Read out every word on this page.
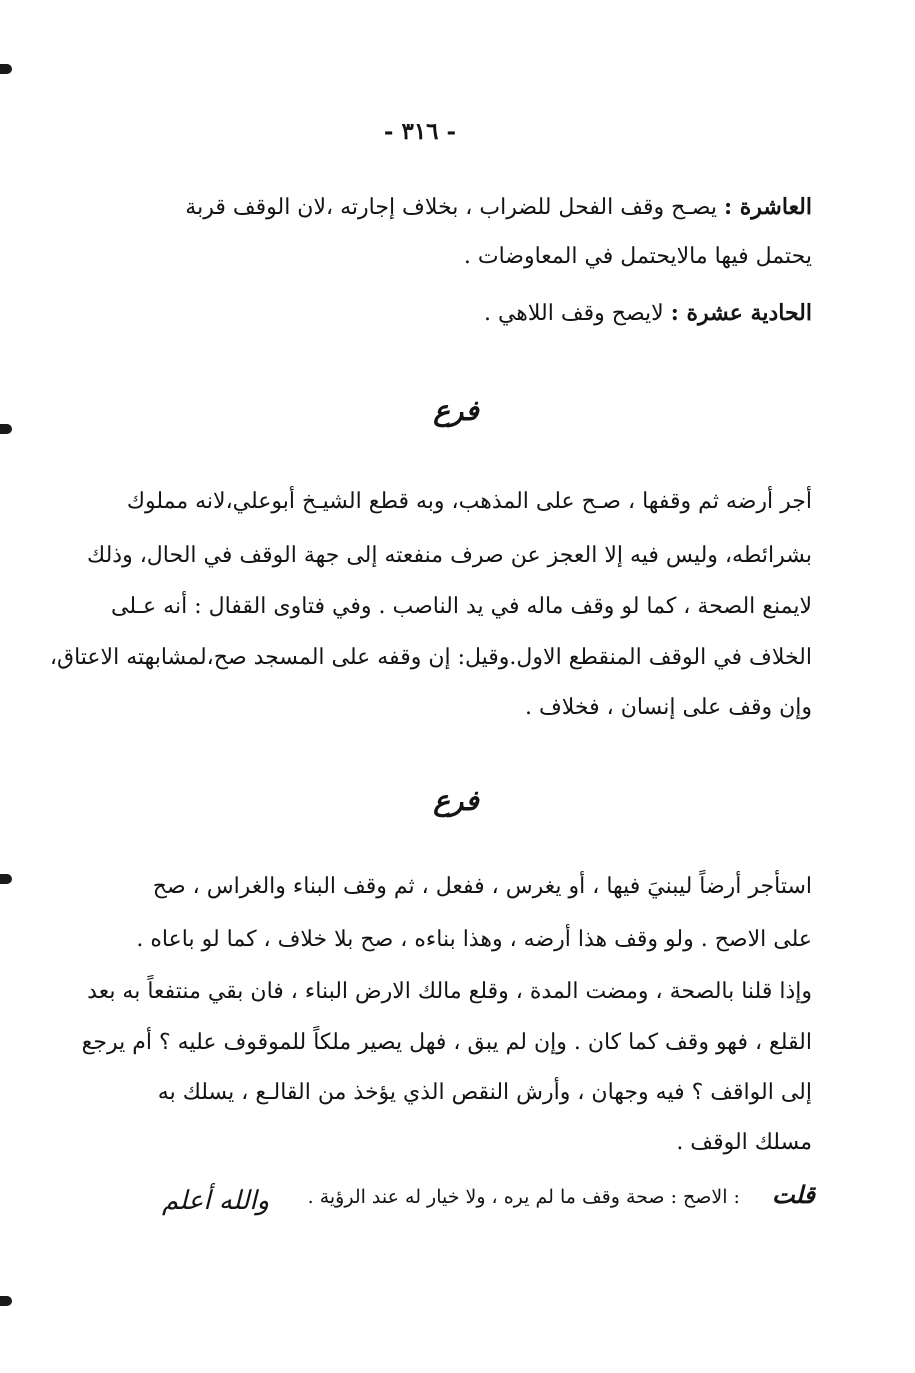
- ٣١٦ -
العاشرة : يصـح وقف الفحل للضراب ، بخلاف إجارته ،لان الوقف قربة
يحتمل فيها مالايحتمل في المعاوضات .
الحادية عشرة : لايصح وقف اللاهي .
فرع
أجر أرضه ثم وقفها ، صـح على المذهب، وبه قطع الشيـخ أبوعلي،لانه مملوك
بشرائطه، وليس فيه إلا العجز عن صرف منفعته إلى جهة الوقف في الحال، وذلك
لايمنع الصحة ، كما لو وقف ماله في يد الناصب . وفي فتاوى القفال : أنه عـلى
الخلاف في الوقف المنقطع الاول.وقيل: إن وقفه على المسجد صح،لمشابهته الاعتاق،
وإن وقف على إنسان ، فخلاف .
فرع
استأجر أرضاً ليبنيَ فيها ، أو يغرس ، ففعل ، ثم وقف البناء والغراس ، صح
على الاصح . ولو وقف هذا أرضه ، وهذا بناءه ، صح بلا خلاف ، كما لو باعاه .
وإذا قلنا بالصحة ، ومضت المدة ، وقلع مالك الارض البناء ، فان بقي منتفعاً به بعد
القلع ، فهو وقف كما كان . وإن لم يبق ، فهل يصير ملكاً للموقوف عليه ؟ أم يرجع
إلى الواقف ؟ فيه وجهان ، وأرش النقص الذي يؤخذ من القالـع ، يسلك به
مسلك الوقف .
قلت : الاصح : صحة وقف ما لم يره ، ولا خيار له عند الرؤية .
والله أعلم
